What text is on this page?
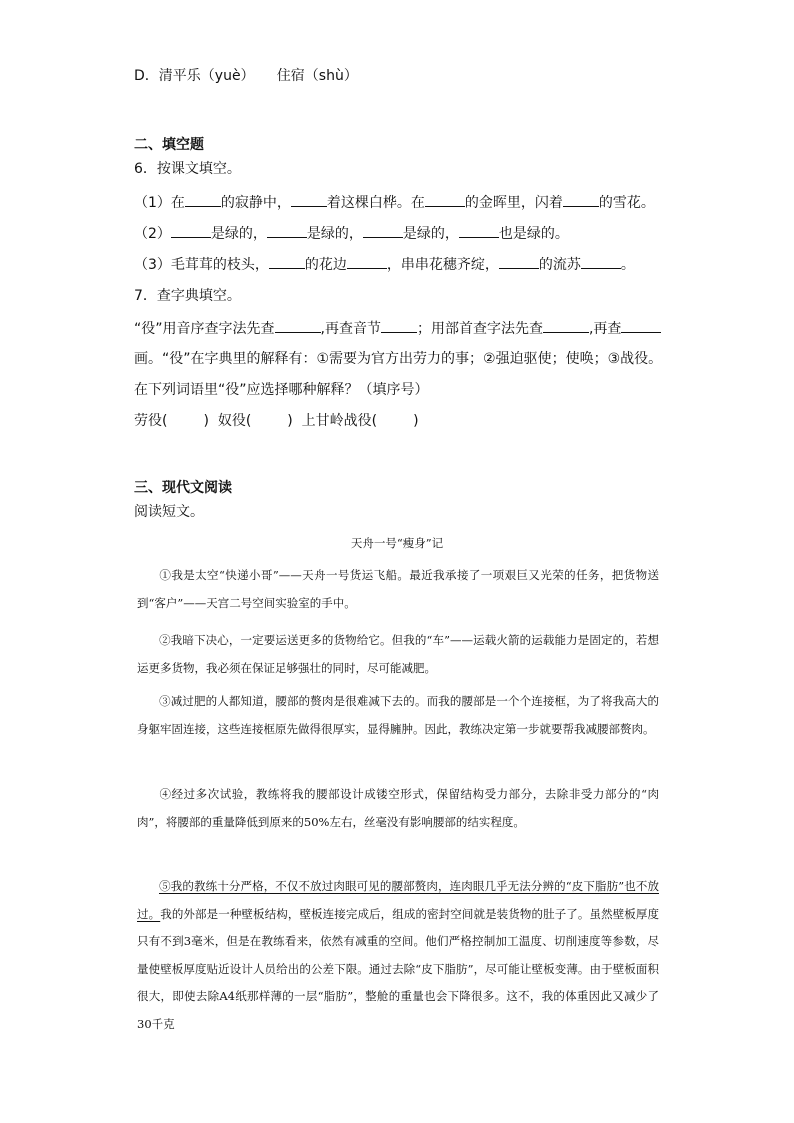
D．清平乐（yuè）     住宿（shù）
二、填空题
6．按课文填空。
（1）在	的寂静中，	着这棵白桦。在	的金晖里，闪着	的雪花。
（2）	是绿的，	是绿的，	是绿的，	也是绿的。
（3）毛茸茸的枝头，	的花边	，串串花穗齐绽，	的流苏	。
7．查字典填空。
“役”用音序查字法先查	,再查音节	；用部首查字法先查	,再查
画。“役”在字典里的解释有：①需要为官方出劳力的事；②强迫驱使；使唤；③战役。
在下列词语里“役”应选择哪种解释？（填序号）
劳役(	)  奴役(	)  上甘岭战役(	)
三、现代文阅读
阅读短文。
天舟一号“瘦身”记
①我是太空“快递小哥”——天舟一号货运飞船。最近我承接了一项艰巨又光荣的任务，把货物送到“客户”——天宫二号空间实验室的手中。
②我暗下决心，一定要运送更多的货物给它。但我的“车”——运载火箭的运载能力是固定的，若想运更多货物，我必须在保证足够强壮的同时，尽可能减肥。
③减过肥的人都知道，腰部的赘肉是很难减下去的。而我的腰部是一个个连接框，为了将我高大的身躯牢固连接，这些连接框原先做得很厚实，显得臃肿。因此，教练决定第一步就要帮我减腰部赘肉。
④经过多次试验，教练将我的腰部设计成镂空形式，保留结构受力部分，去除非受力部分的“肉肉”，将腰部的重量降低到原来的50%左右，丝毫没有影响腰部的结实程度。
⑤我的教练十分严格，不仅不放过肉眼可见的腰部赘肉，连肉眼几乎无法分辨的“皮下脂肪”也不放过。我的外部是一种壁板结构，壁板连接完成后，组成的密封空间就是装货物的肚子了。虽然壁板厚度只有不到3毫米，但是在教练看来，依然有减重的空间。他们严格控制加工温度、切削速度等参数，尽量使壁板厚度贴近设计人员给出的公差下限。通过去除“皮下脂肪”，尽可能让壁板变薄。由于壁板面积很大，即使去除A4纸那样薄的一层“脂肪”，整舱的重量也会下降很多。这不，我的体重因此又减少了30千克
